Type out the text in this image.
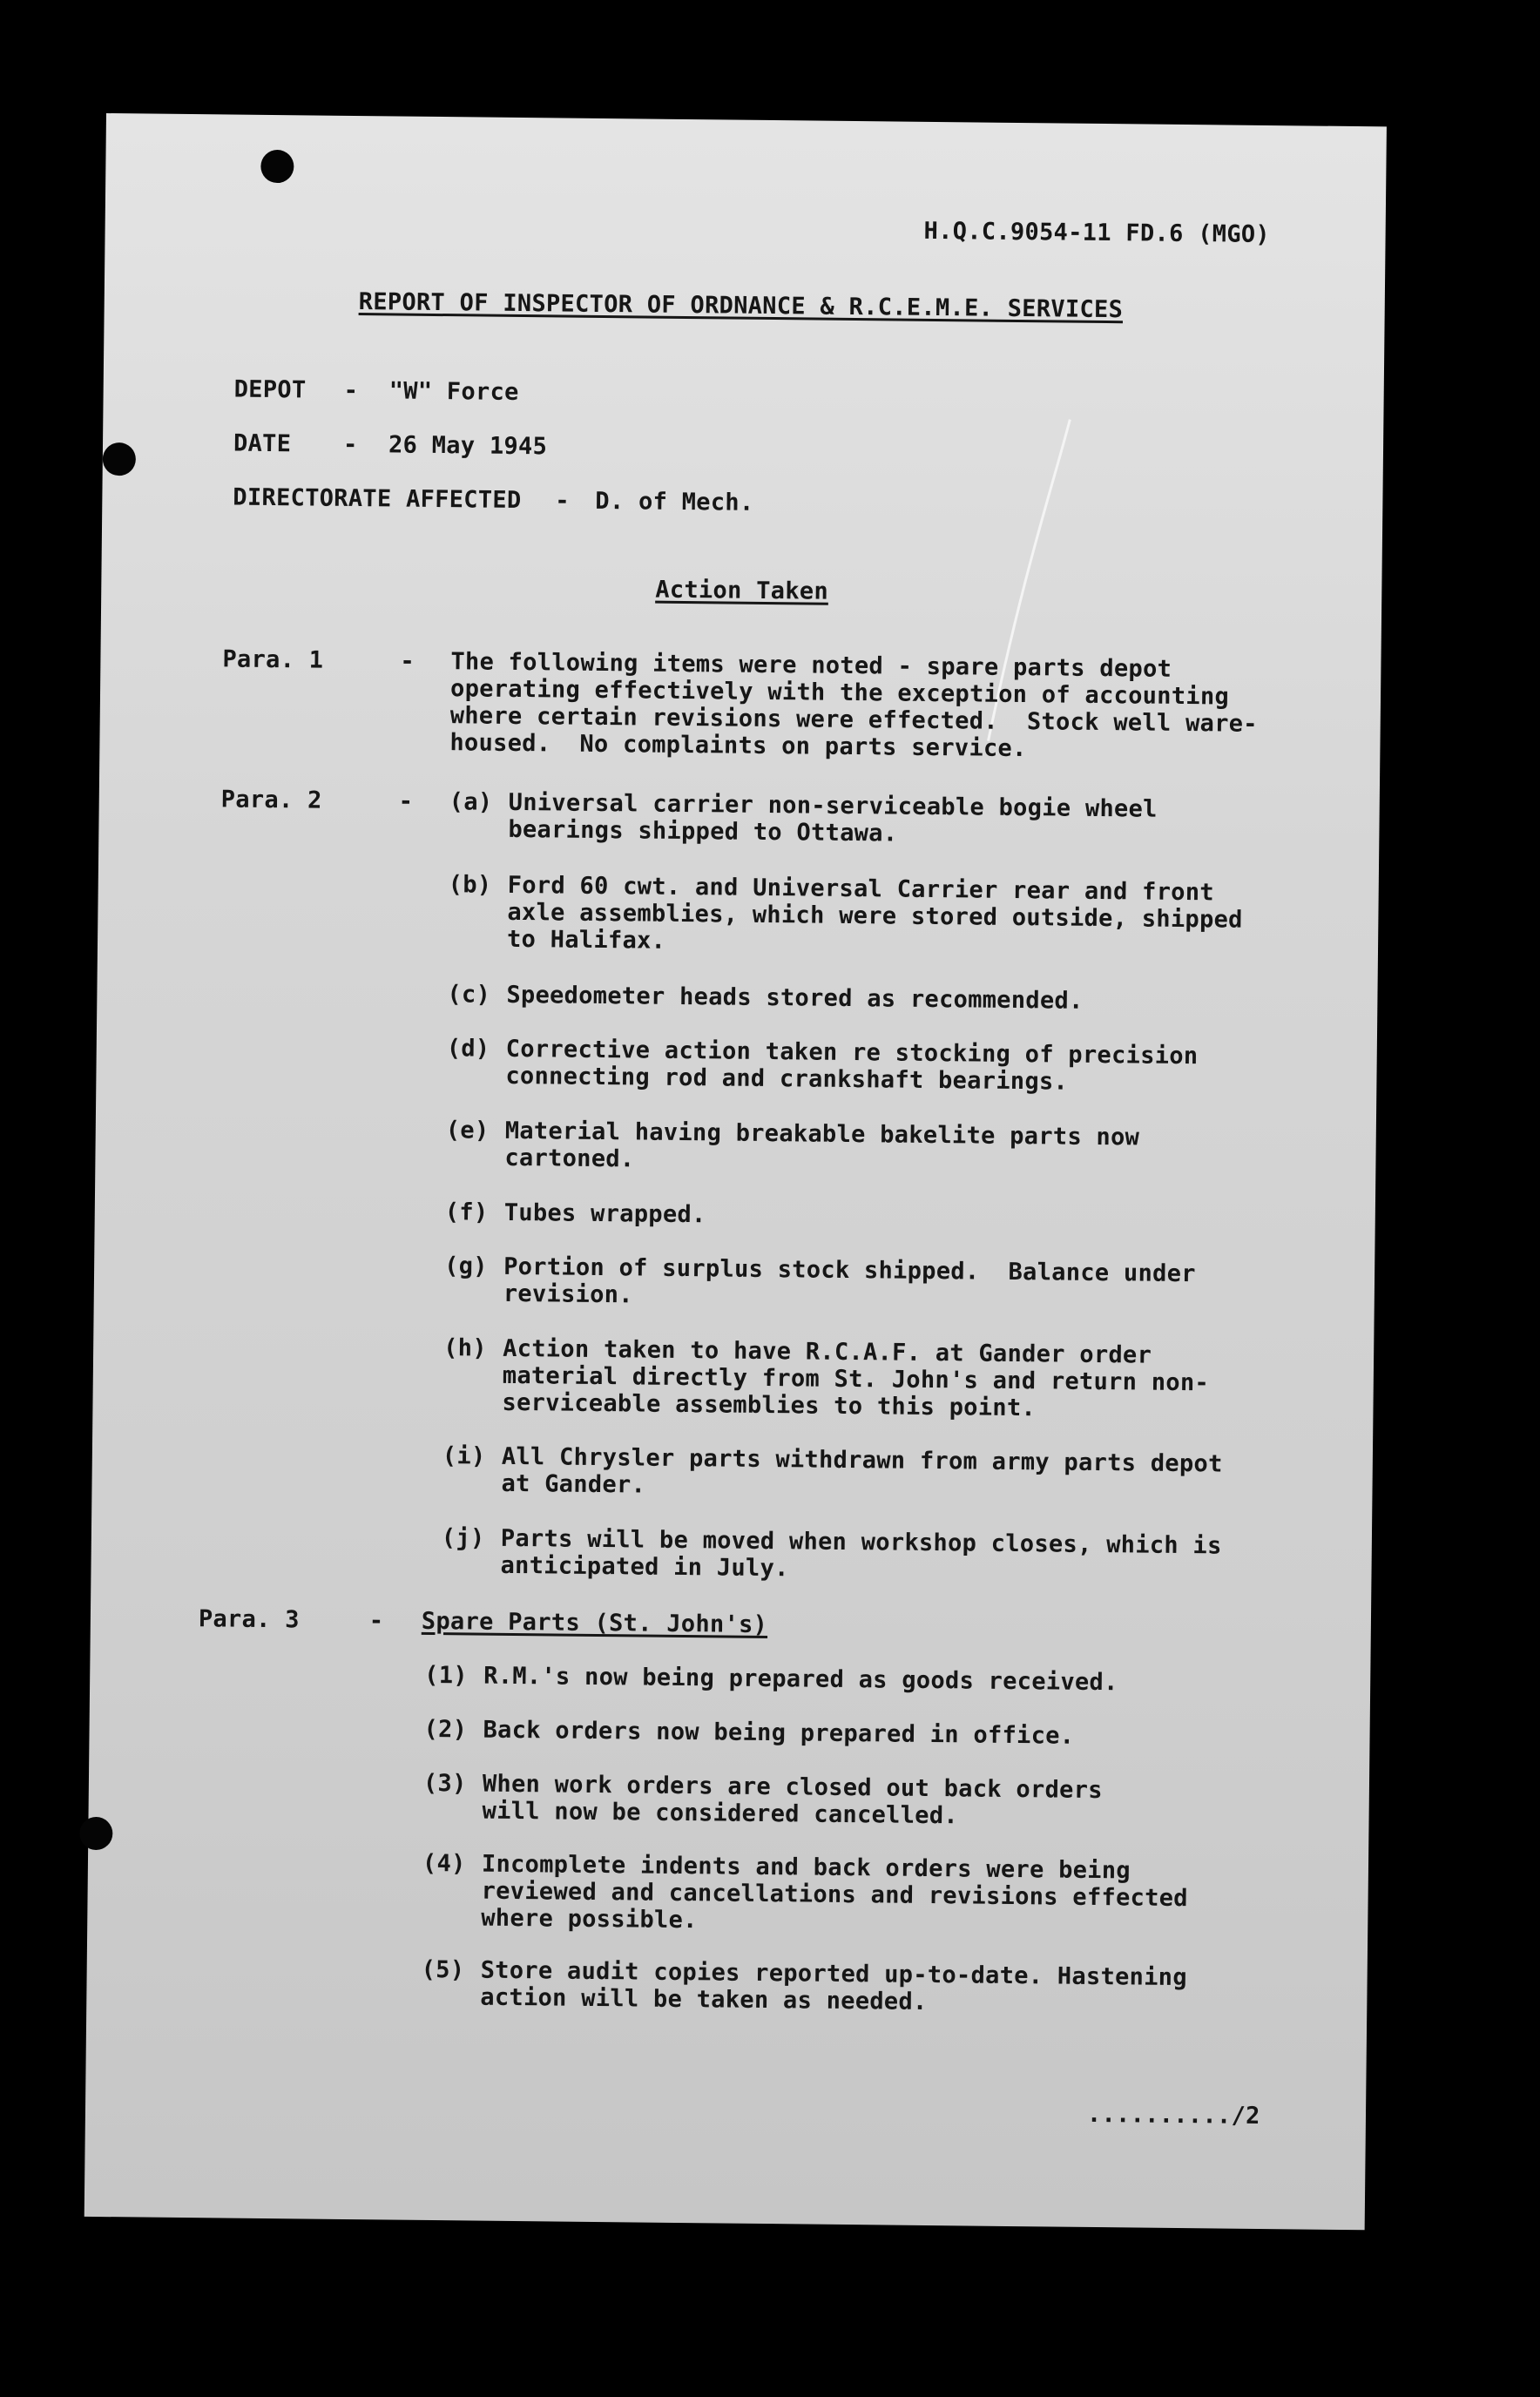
H.Q.C.9054-11 FD.6 (MGO)
REPORT OF INSPECTOR OF ORDNANCE & R.C.E.M.E. SERVICES
DEPOT - "W" Force
DATE - 26 May 1945
DIRECTORATE AFFECTED - D. of Mech.
Action Taken
Para. 1	- The following items were noted - spare parts depot
operating effectively with the exception of accounting
where certain revisions were effected.  Stock well ware-
housed.  No complaints on parts service.
Para. 2	- (a) Universal carrier non-serviceable bogie wheel
bearings shipped to Ottawa.
(b) Ford 60 cwt. and Universal Carrier rear and front
axle assemblies, which were stored outside, shipped
to Halifax.
(c) Speedometer heads stored as recommended.
(d) Corrective action taken re stocking of precision
connecting rod and crankshaft bearings.
(e) Material having breakable bakelite parts now
cartoned.
(f) Tubes wrapped.
(g) Portion of surplus stock shipped.  Balance under
revision.
(h) Action taken to have R.C.A.F. at Gander order
material directly from St. John's and return non-
serviceable assemblies to this point.
(i) All Chrysler parts withdrawn from army parts depot
at Gander.
(j) Parts will be moved when workshop closes, which is
anticipated in July.
Para. 3	- Spare Parts (St. John's)
(1) R.M.'s now being prepared as goods received.
(2) Back orders now being prepared in office.
(3) When work orders are closed out back orders
will now be considered cancelled.
(4) Incomplete indents and back orders were being
reviewed and cancellations and revisions effected
where possible.
(5) Store audit copies reported up-to-date. Hastening
action will be taken as needed.
........../2
